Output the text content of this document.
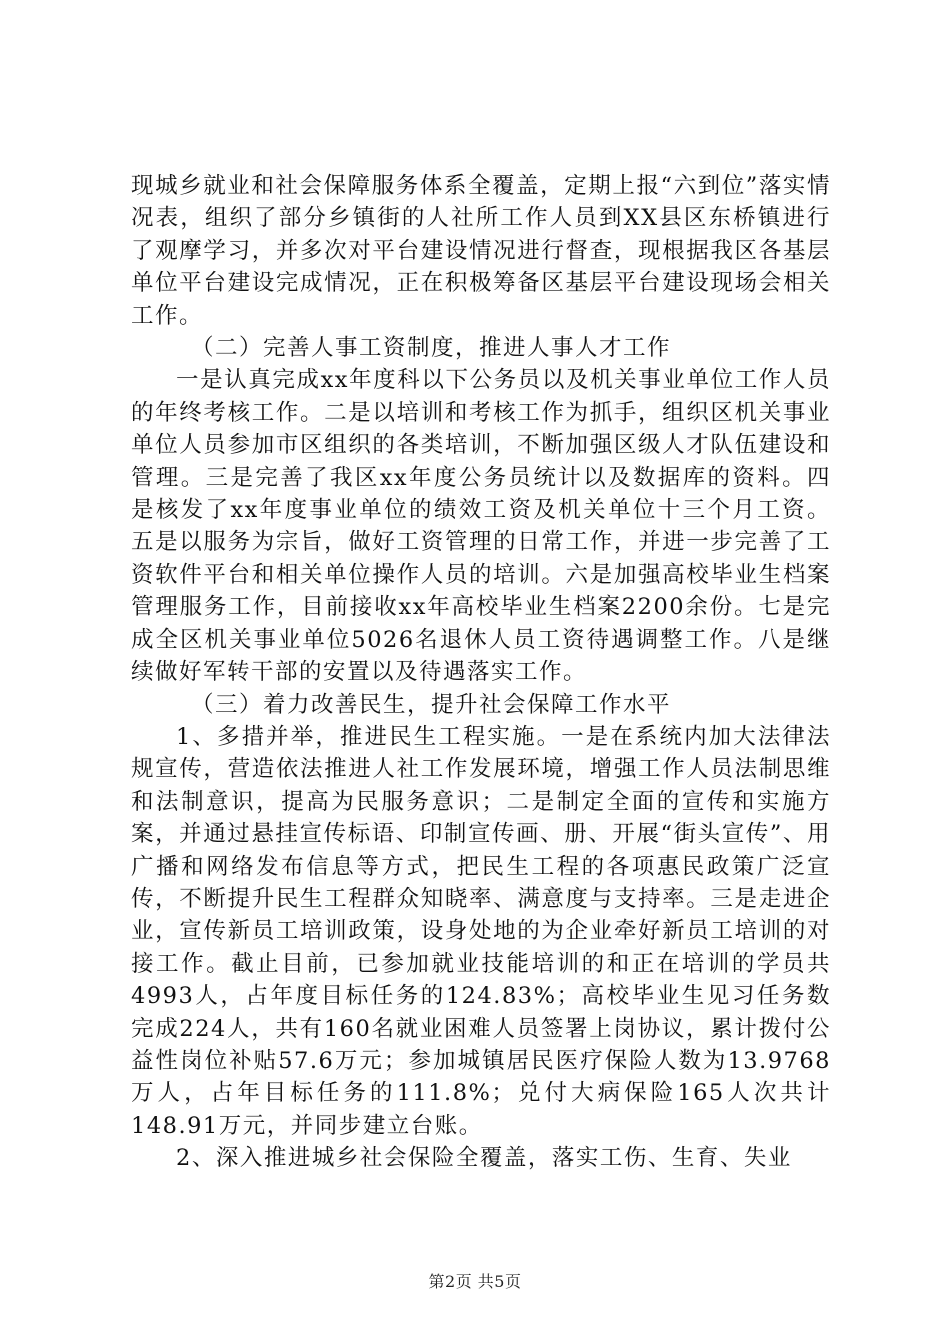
现城乡就业和社会保障服务体系全覆盖，定期上报“六到位”落实情况表，组织了部分乡镇街的人社所工作人员到XX县区东桥镇进行了观摩学习，并多次对平台建设情况进行督查，现根据我区各基层单位平台建设完成情况，正在积极筹备区基层平台建设现场会相关工作。

（二）完善人事工资制度，推进人事人才工作

一是认真完成xx年度科以下公务员以及机关事业单位工作人员的年终考核工作。二是以培训和考核工作为抓手，组织区机关事业单位人员参加市区组织的各类培训，不断加强区级人才队伍建设和管理。三是完善了我区xx年度公务员统计以及数据库的资料。四是核发了xx年度事业单位的绩效工资及机关单位十三个月工资。五是以服务为宗旨，做好工资管理的日常工作，并进一步完善了工资软件平台和相关单位操作人员的培训。六是加强高校毕业生档案管理服务工作，目前接收xx年高校毕业生档案2200余份。七是完成全区机关事业单位5026名退休人员工资待遇调整工作。八是继续做好军转干部的安置以及待遇落实工作。

（三）着力改善民生，提升社会保障工作水平

1、多措并举，推进民生工程实施。一是在系统内加大法律法规宣传，营造依法推进人社工作发展环境，增强工作人员法制思维和法制意识，提高为民服务意识；二是制定全面的宣传和实施方案，并通过悬挂宣传标语、印制宣传画、册、开展“街头宣传”、用广播和网络发布信息等方式，把民生工程的各项惠民政策广泛宣传，不断提升民生工程群众知晓率、满意度与支持率。三是走进企业，宣传新员工培训政策，设身处地的为企业牵好新员工培训的对接工作。截止目前，已参加就业技能培训的和正在培训的学员共4993人，占年度目标任务的124.83%；高校毕业生见习任务数完成224人，共有160名就业困难人员签署上岗协议，累计拨付公益性岗位补贴57.6万元；参加城镇居民医疗保险人数为13.9768万人，占年目标任务的111.8%；兑付大病保险165人次共计148.91万元，并同步建立台账。

2、深入推进城乡社会保险全覆盖，落实工伤、生育、失业

第2页 共5页
